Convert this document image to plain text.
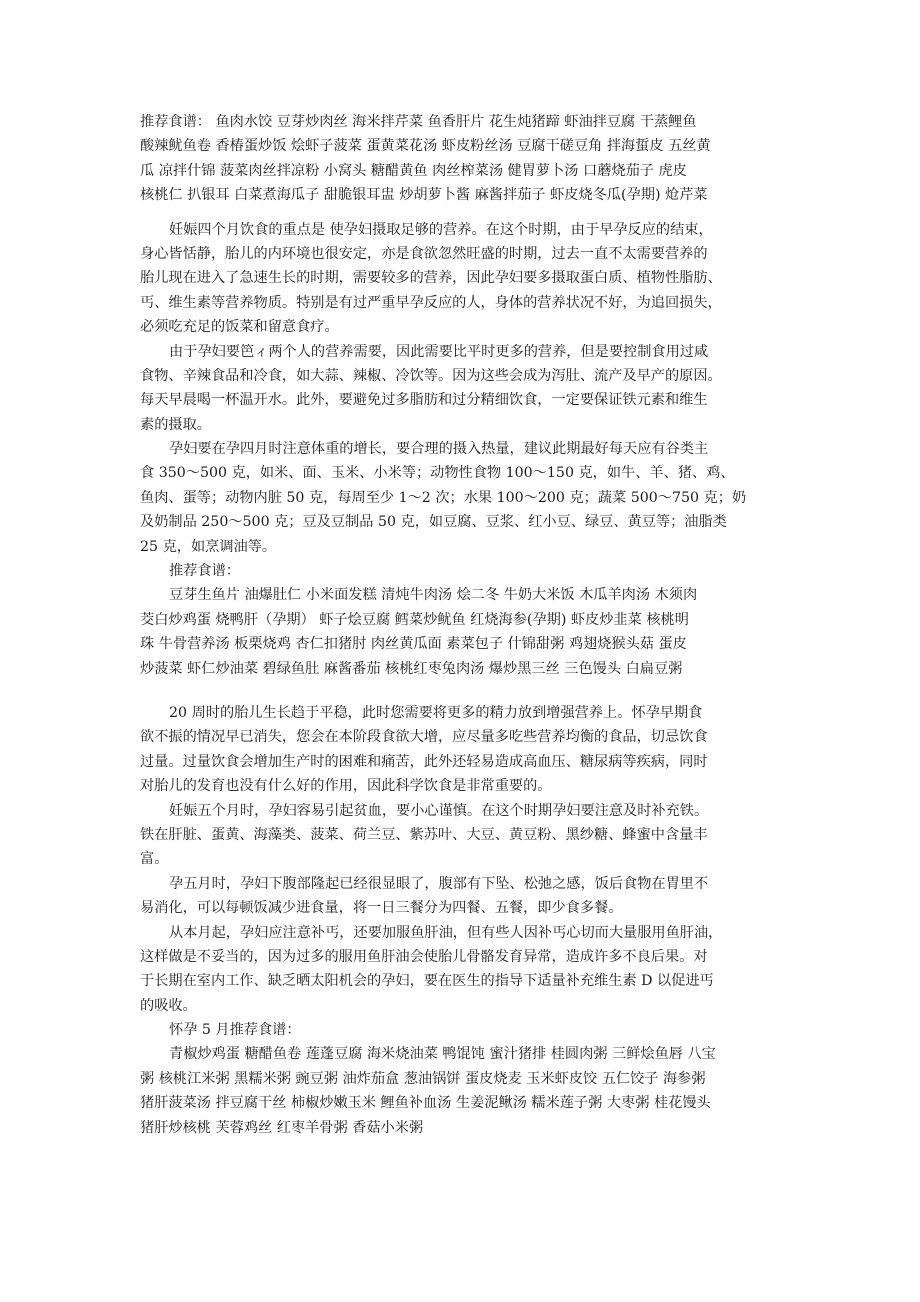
推荐食谱： 鱼肉水饺 豆芽炒肉丝 海米拌芹菜 鱼香肝片 花生炖猪蹄 虾油拌豆腐 干蒸鲤鱼
酸辣鱿鱼卷 香椿蛋炒饭 烩虾子菠菜 蛋黄菜花汤 虾皮粉丝汤 豆腐干磋豆角 拌海蜇皮 五丝黄
瓜 凉拌什锦 菠菜肉丝拌凉粉 小窝头 糖醋黄鱼 肉丝榨菜汤 健胃萝卜汤 口蘑烧茄子 虎皮
核桃仁 扒银耳 白菜煮海瓜子 甜脆银耳盅 炒胡萝卜酱 麻酱拌茄子 虾皮烧冬瓜(孕期) 炝芹菜
妊娠四个月饮食的重点是 使孕妇摄取足够的营养。在这个时期，由于早孕反应的结束，
身心皆恬静，胎儿的内环境也很安定，亦是食欲忽然旺盛的时期，过去一直不太需要营养的
胎儿现在进入了急速生长的时期，需要较多的营养，因此孕妇要多摄取蛋白质、植物性脂肪、
丐、维生素等营养物质。特别是有过严重早孕反应的人，身体的营养状况不好，为追回损失，
必须吃充足的饭菜和留意食疗。
由于孕妇要笆ィ两个人的营养需要，因此需要比平时更多的营养，但是要控制食用过咸
食物、辛辣食品和冷食，如大蒜、辣椒、冷饮等。因为这些会成为泻肚、流产及早产的原因。
每天早晨喝一杯温开水。此外，要避免过多脂肪和过分精细饮食，一定要保证铁元素和维生
素的摄取。
孕妇要在孕四月时注意体重的增长，要合理的摄入热量，建议此期最好每天应有谷类主
食 350～500 克，如米、面、玉米、小米等；动物性食物 100～150 克，如牛、羊、猪、鸡、
鱼肉、蛋等；动物内脏 50 克，每周至少 1～2 次；水果 100～200 克；蔬菜 500～750 克；奶
及奶制品 250～500 克；豆及豆制品 50 克，如豆腐、豆浆、红小豆、绿豆、黄豆等；油脂类
25 克，如烹调油等。
推荐食谱：
豆芽生鱼片 油爆肚仁 小米面发糕 清炖牛肉汤 烩二冬 牛奶大米饭 木瓜羊肉汤 木须肉
茭白炒鸡蛋 烧鸭肝（孕期） 虾子烩豆腐 鳕菜炒鱿鱼 红烧海参(孕期) 虾皮炒韭菜 核桃明
珠 牛骨营养汤 板栗烧鸡 杏仁扣猪肘 肉丝黄瓜面 素菜包子 什锦甜粥 鸡翅烧猴头菇 蛋皮
炒菠菜 虾仁炒油菜 碧绿鱼肚 麻酱番茄 核桃红枣兔肉汤 爆炒黑三丝 三色馒头 白扁豆粥
20 周时的胎儿生长趋于平稳，此时您需要将更多的精力放到增强营养上。怀孕早期食
欲不振的情况早已消失，您会在本阶段食欲大增，应尽量多吃些营养均衡的食品，切忌饮食
过量。过量饮食会增加生产时的困难和痛苦，此外还轻易造成高血压、糖尿病等疾病，同时
对胎儿的发育也没有什么好的作用，因此科学饮食是非常重要的。
妊娠五个月时，孕妇容易引起贫血，要小心谨慎。在这个时期孕妇要注意及时补充铁。
铁在肝脏、蛋黄、海藻类、菠菜、荷兰豆、紫苏叶、大豆、黄豆粉、黑纱糖、蜂蜜中含量丰
富。
孕五月时，孕妇下腹部隆起已经很显眼了，腹部有下坠、松弛之感，饭后食物在胃里不
易消化，可以每顿饭减少进食量，将一日三餐分为四餐、五餐，即少食多餐。
从本月起，孕妇应注意补丐，还要加服鱼肝油，但有些人因补丐心切而大量服用鱼肝油，
这样做是不妥当的，因为过多的服用鱼肝油会使胎儿骨骼发育异常，造成许多不良后果。对
于长期在室内工作、缺乏晒太阳机会的孕妇，要在医生的指导下适量补充维生素 D 以促进丐
的吸收。
怀孕 5 月推荐食谱：
青椒炒鸡蛋 糖醋鱼卷 莲蓬豆腐 海米烧油菜 鸭馄饨 蜜汁猪排 桂圆肉粥 三鲜烩鱼唇 八宝
粥 核桃江米粥 黑糯米粥 豌豆粥 油炸茄盒 葱油锅饼 蛋皮烧麦 玉米虾皮饺 五仁饺子 海参粥
猪肝菠菜汤 拌豆腐干丝 柿椒炒嫩玉米 鲤鱼补血汤 生姜泥鳅汤 糯米莲子粥 大枣粥 桂花馒头
猪肝炒核桃 芙蓉鸡丝 红枣羊骨粥 香菇小米粥
